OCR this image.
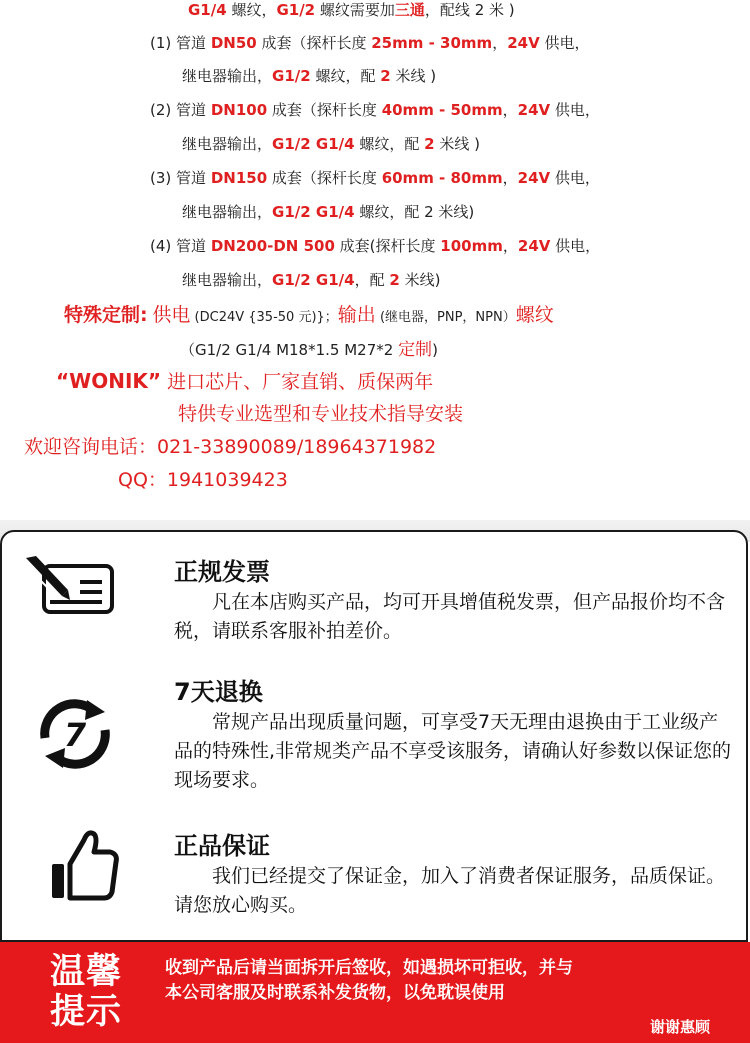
G1/4 螺纹，G1/2 螺纹需要加三通，配线 2 米 )
(1) 管道 DN50 成套（探杆长度 25mm - 30mm，24V 供电，
继电器输出，G1/2 螺纹，配 2 米线 )
(2) 管道 DN100 成套（探杆长度 40mm - 50mm，24V 供电，
继电器输出，G1/2 G1/4 螺纹，配 2 米线 )
(3) 管道 DN150 成套（探杆长度 60mm - 80mm，24V 供电，
继电器输出，G1/2 G1/4 螺纹，配 2 米线)
(4) 管道 DN200-DN 500 成套(探杆长度 100mm，24V 供电，
继电器输出，G1/2 G1/4，配 2 米线)
特殊定制: 供电 (DC24V {35-50 元)}；输出 (继电器，PNP，NPN）螺纹
（G1/2 G1/4 M18*1.5 M27*2 定制)
“WONIK” 进口芯片、厂家直销、质保两年
特供专业选型和专业技术指导安装
欢迎咨询电话：021-33890089/18964371982
QQ：1941039423
正规发票
　　凡在本店购买产品，均可开具增值税发票，但产品报价均不含税，请联系客服补拍差价。
7
7天退换
　　常规产品出现质量问题，可享受7天无理由退换由于工业级产品的特殊性,非常规类产品不享受该服务，请确认好参数以保证您的现场要求。
正品保证
　　我们已经提交了保证金，加入了消费者保证服务，品质保证。请您放心购买。
温馨提示
收到产品后请当面拆开后签收，如遇损坏可拒收，并与
本公司客服及时联系补发货物，以免耽误使用
谢谢惠顾
